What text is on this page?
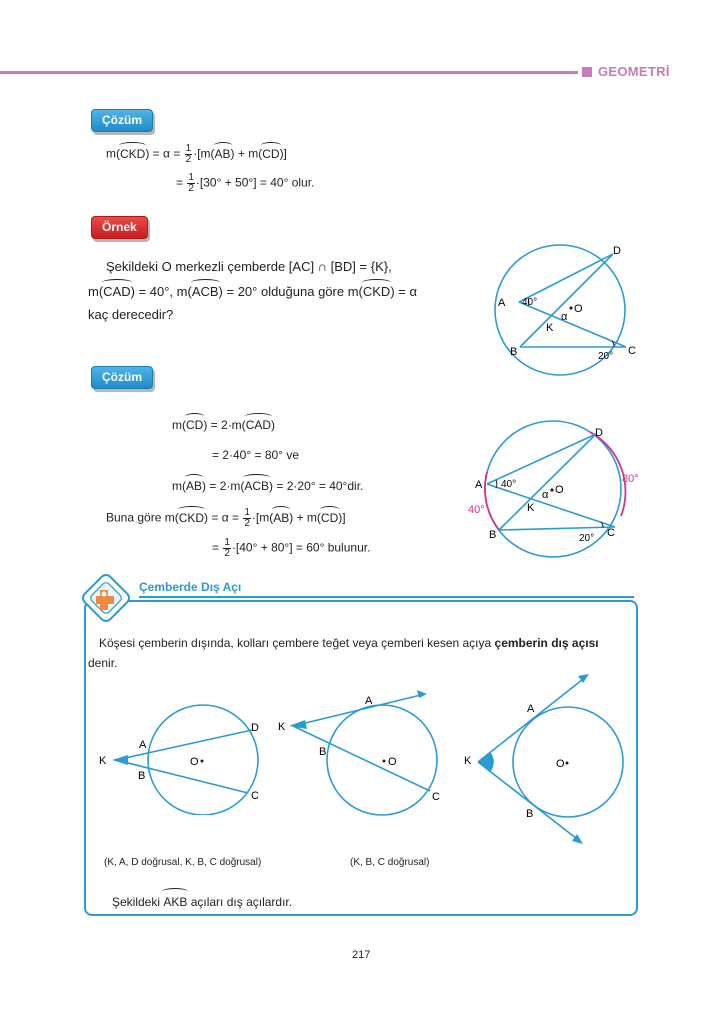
GEOMETRİ
Çözüm
$m(CKD) = \alpha = \frac{1}{2} \cdot[m(AB) + m(CD)]$
= $\frac{1}{2} \cdot[30^\circ + 50^\circ] = 40^\circ$ olur.
Örnek
Şekildeki O merkezli çemberde [AC] ∩ [BD] = {K},
m(CAD) = 40°, m(ACB) = 20° olduğuna göre m(CKD) = α
kaç derecedir?	O
A
B	C
D
K
α
40°
20°
Çözüm
m(CD) = 2·m(CAD)
= 2·40° = 80° ve
m(AB) = 2·m(ACB) = 2·20° = 40°dir.
Buna göre $m(CKD) = \alpha = \frac{1}{2} \cdot[m(AB) + m(CD)]$
= $\frac{1}{2} \cdot[40^\circ + 80^\circ] = 60^\circ$ bulunur.
O
A
B	C
D
K
α
40°
20°
40°
80°
Çemberde Dış Açı
Köşesi çemberin dışında, kolları çembere teğet veya çemberi kesen açıya çemberin dış açısı

denir.
O
K
A
B
C
D
O
K
A
B
C
O
K
A
B
(K, A, D doğrusal, K, B, C doğrusal)	(K, B, C doğrusal)
Şekildeki AKB açıları dış açılardır.
217
